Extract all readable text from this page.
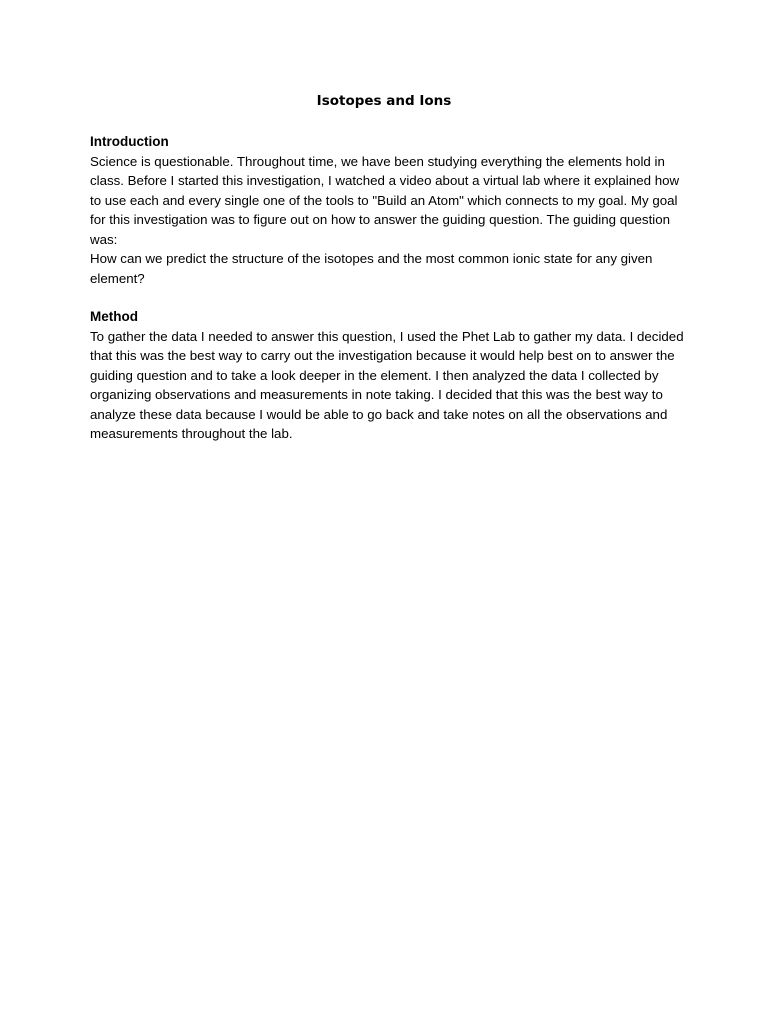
Isotopes and Ions
Introduction

Science is questionable. Throughout time, we have been studying everything the elements hold in class. Before I started this investigation, I watched a video about a virtual lab where it explained how to use each and every single one of the tools to "Build an Atom" which connects to my goal. My goal for this investigation was to figure out on how to answer the guiding question. The guiding question was:

How can we predict the structure of the isotopes and the most common ionic state for any given element?

Method

To gather the data I needed to answer this question, I used the Phet Lab to gather my data. I decided that this was the best way to carry out the investigation because it would help best on to answer the guiding question and to take a look deeper in the element. I then analyzed the data I collected by organizing observations and measurements in note taking. I decided that this was the best way to analyze these data because I would be able to go back and take notes on all the observations and measurements throughout the lab.
